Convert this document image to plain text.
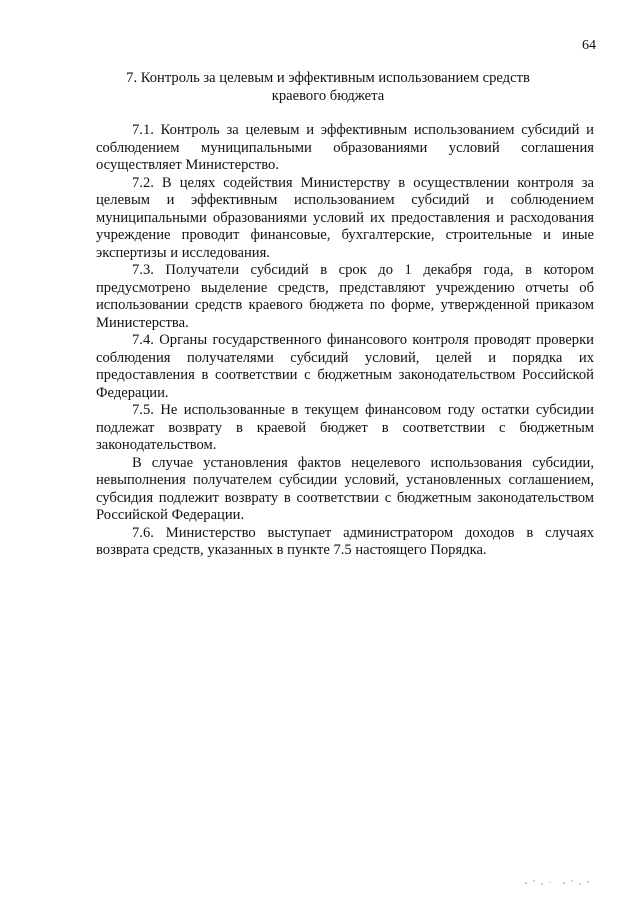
64
7. Контроль за целевым и эффективным использованием средств
краевого бюджета

7.1. Контроль за целевым и эффективным использованием субсидий и соблюдением муниципальными образованиями условий соглашения осуществляет Министерство.

7.2. В целях содействия Министерству в осуществлении контроля за целевым и эффективным использованием субсидий и соблюдением муниципальными образованиями условий их предоставления и расходования учреждение проводит финансовые, бухгалтерские, строительные и иные экспертизы и исследования.

7.3. Получатели субсидий в срок до 1 декабря года, в котором предусмотрено выделение средств, представляют учреждению отчеты об использовании средств краевого бюджета по форме, утвержденной приказом Министерства.

7.4. Органы государственного финансового контроля проводят проверки соблюдения получателями субсидий условий, целей и порядка их предоставления в соответствии с бюджетным законодательством Российской Федерации.

7.5. Не использованные в текущем финансовом году остатки субсидии подлежат возврату в краевой бюджет в соответствии с бюджетным законодательством.

В случае установления фактов нецелевого использования субсидии, невыполнения получателем субсидии условий, установленных соглашением, субсидия подлежит возврату в соответствии с бюджетным законодательством Российской Федерации.

7.6. Министерство выступает администратором доходов в случаях возврата средств, указанных в пункте 7.5 настоящего Порядка.
